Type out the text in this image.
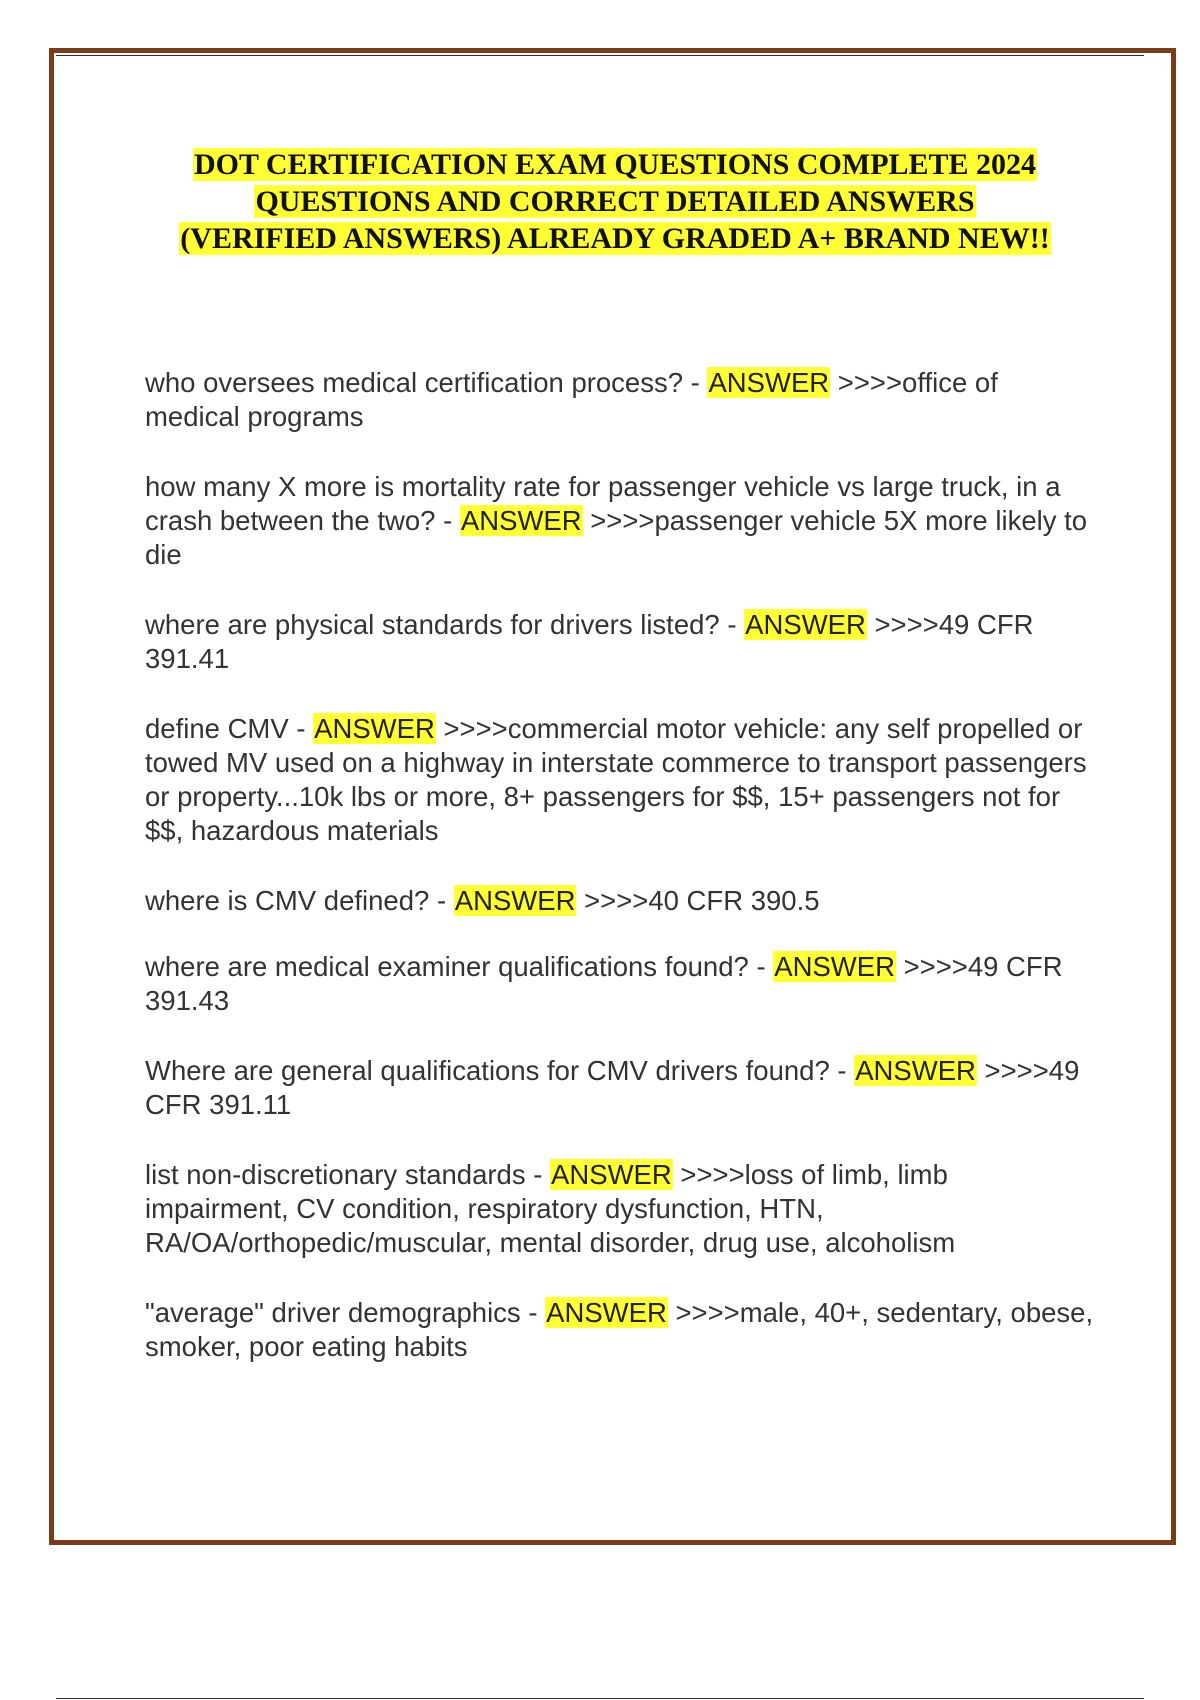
DOT CERTIFICATION EXAM QUESTIONS COMPLETE 2024
QUESTIONS AND CORRECT DETAILED ANSWERS
(VERIFIED ANSWERS) ALREADY GRADED A+ BRAND NEW!!

who oversees medical certification process? - ANSWER >>>>office of medical programs

how many X more is mortality rate for passenger vehicle vs large truck, in a crash between the two? - ANSWER >>>>passenger vehicle 5X more likely to die

where are physical standards for drivers listed? - ANSWER >>>>49 CFR 391.41

define CMV - ANSWER >>>>commercial motor vehicle: any self propelled or towed MV used on a highway in interstate commerce to transport passengers or property...10k lbs or more, 8+ passengers for $$, 15+ passengers not for $$, hazardous materials

where is CMV defined? - ANSWER >>>>40 CFR 390.5

where are medical examiner qualifications found? - ANSWER >>>>49 CFR 391.43

Where are general qualifications for CMV drivers found? - ANSWER >>>>49 CFR 391.11

list non-discretionary standards - ANSWER >>>>loss of limb, limb impairment, CV condition, respiratory dysfunction, HTN, RA/OA/orthopedic/muscular, mental disorder, drug use, alcoholism

"average" driver demographics - ANSWER >>>>male, 40+, sedentary, obese, smoker, poor eating habits
